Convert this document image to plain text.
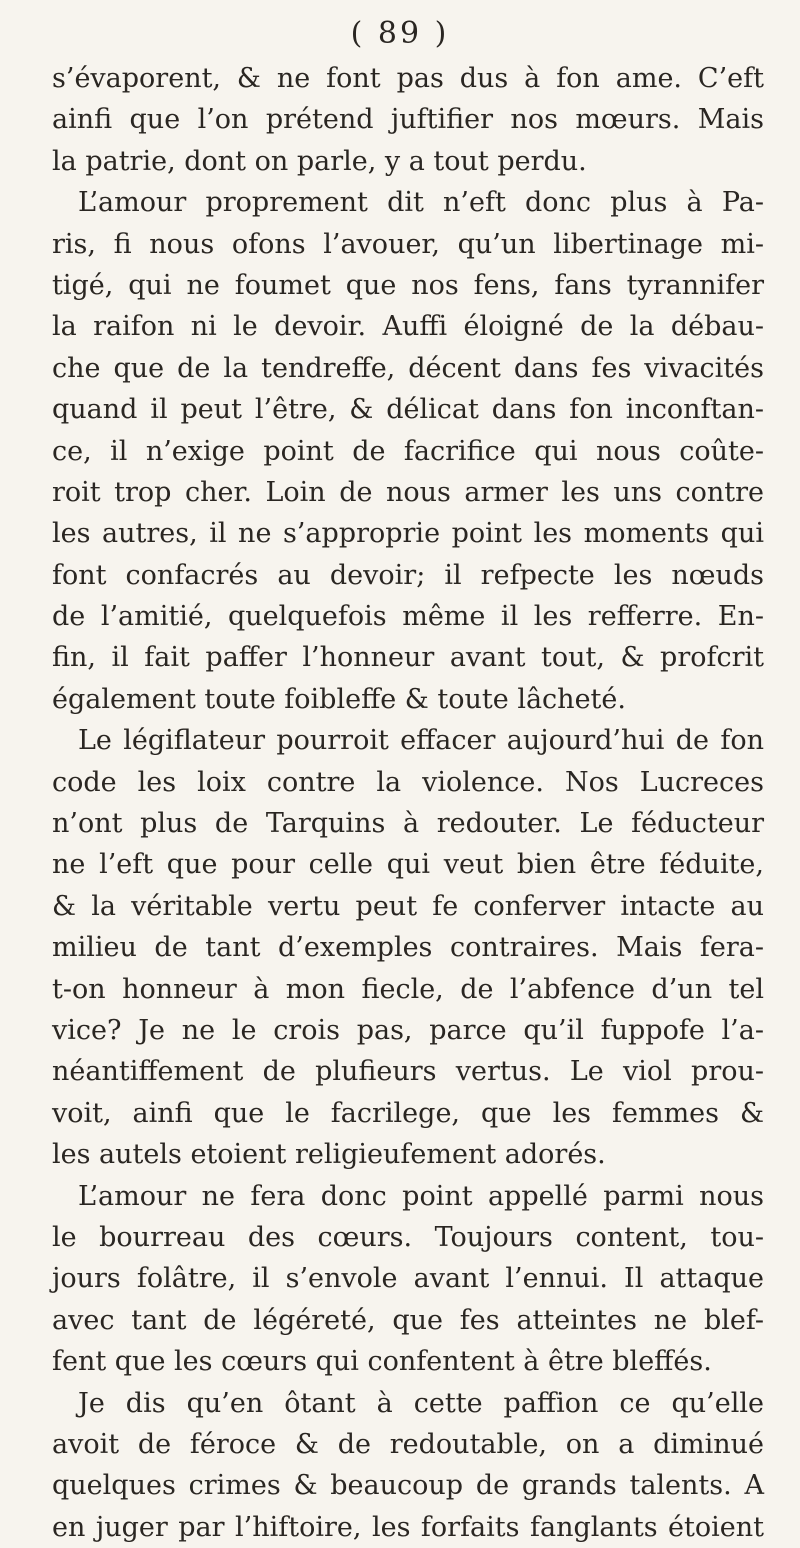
( 89 )
s’évaporent, & ne font pas dus à fon ame. C’eft
ainfi que l’on prétend juftifier nos mœurs. Mais
la patrie, dont on parle, y a tout perdu.
L’amour proprement dit n’eft donc plus à Pa-
ris, fi nous ofons l’avouer, qu’un libertinage mi-
tigé, qui ne foumet que nos fens, fans tyrannifer
la raifon ni le devoir. Auffi éloigné de la débau-
che que de la tendreffe, décent dans fes vivacités
quand il peut l’être, & délicat dans fon inconftan-
ce, il n’exige point de facrifice qui nous coûte-
roit trop cher. Loin de nous armer les uns contre
les autres, il ne s’approprie point les moments qui
font confacrés au devoir; il refpecte les nœuds
de l’amitié, quelquefois même il les refferre. En-
fin, il fait paffer l’honneur avant tout, & profcrit
également toute foibleffe & toute lâcheté.
Le légiflateur pourroit effacer aujourd’hui de fon
code les loix contre la violence. Nos Lucreces
n’ont plus de Tarquins à redouter. Le féducteur
ne l’eft que pour celle qui veut bien être féduite,
& la véritable vertu peut fe conferver intacte au
milieu de tant d’exemples contraires. Mais fera-
t-on honneur à mon fiecle, de l’abfence d’un tel
vice? Je ne le crois pas, parce qu’il fuppofe l’a-
néantiffement de plufieurs vertus. Le viol prou-
voit, ainfi que le facrilege, que les femmes &
les autels etoient religieufement adorés.
L’amour ne fera donc point appellé parmi nous
le bourreau des cœurs. Toujours content, tou-
jours folâtre, il s’envole avant l’ennui. Il attaque
avec tant de légéreté, que fes atteintes ne blef-
fent que les cœurs qui confentent à être bleffés.
Je dis qu’en ôtant à cette paffion ce qu’elle
avoit de féroce & de redoutable, on a diminué
quelques crimes & beaucoup de grands talents. A
en juger par l’hiftoire, les forfaits fanglants étoient
